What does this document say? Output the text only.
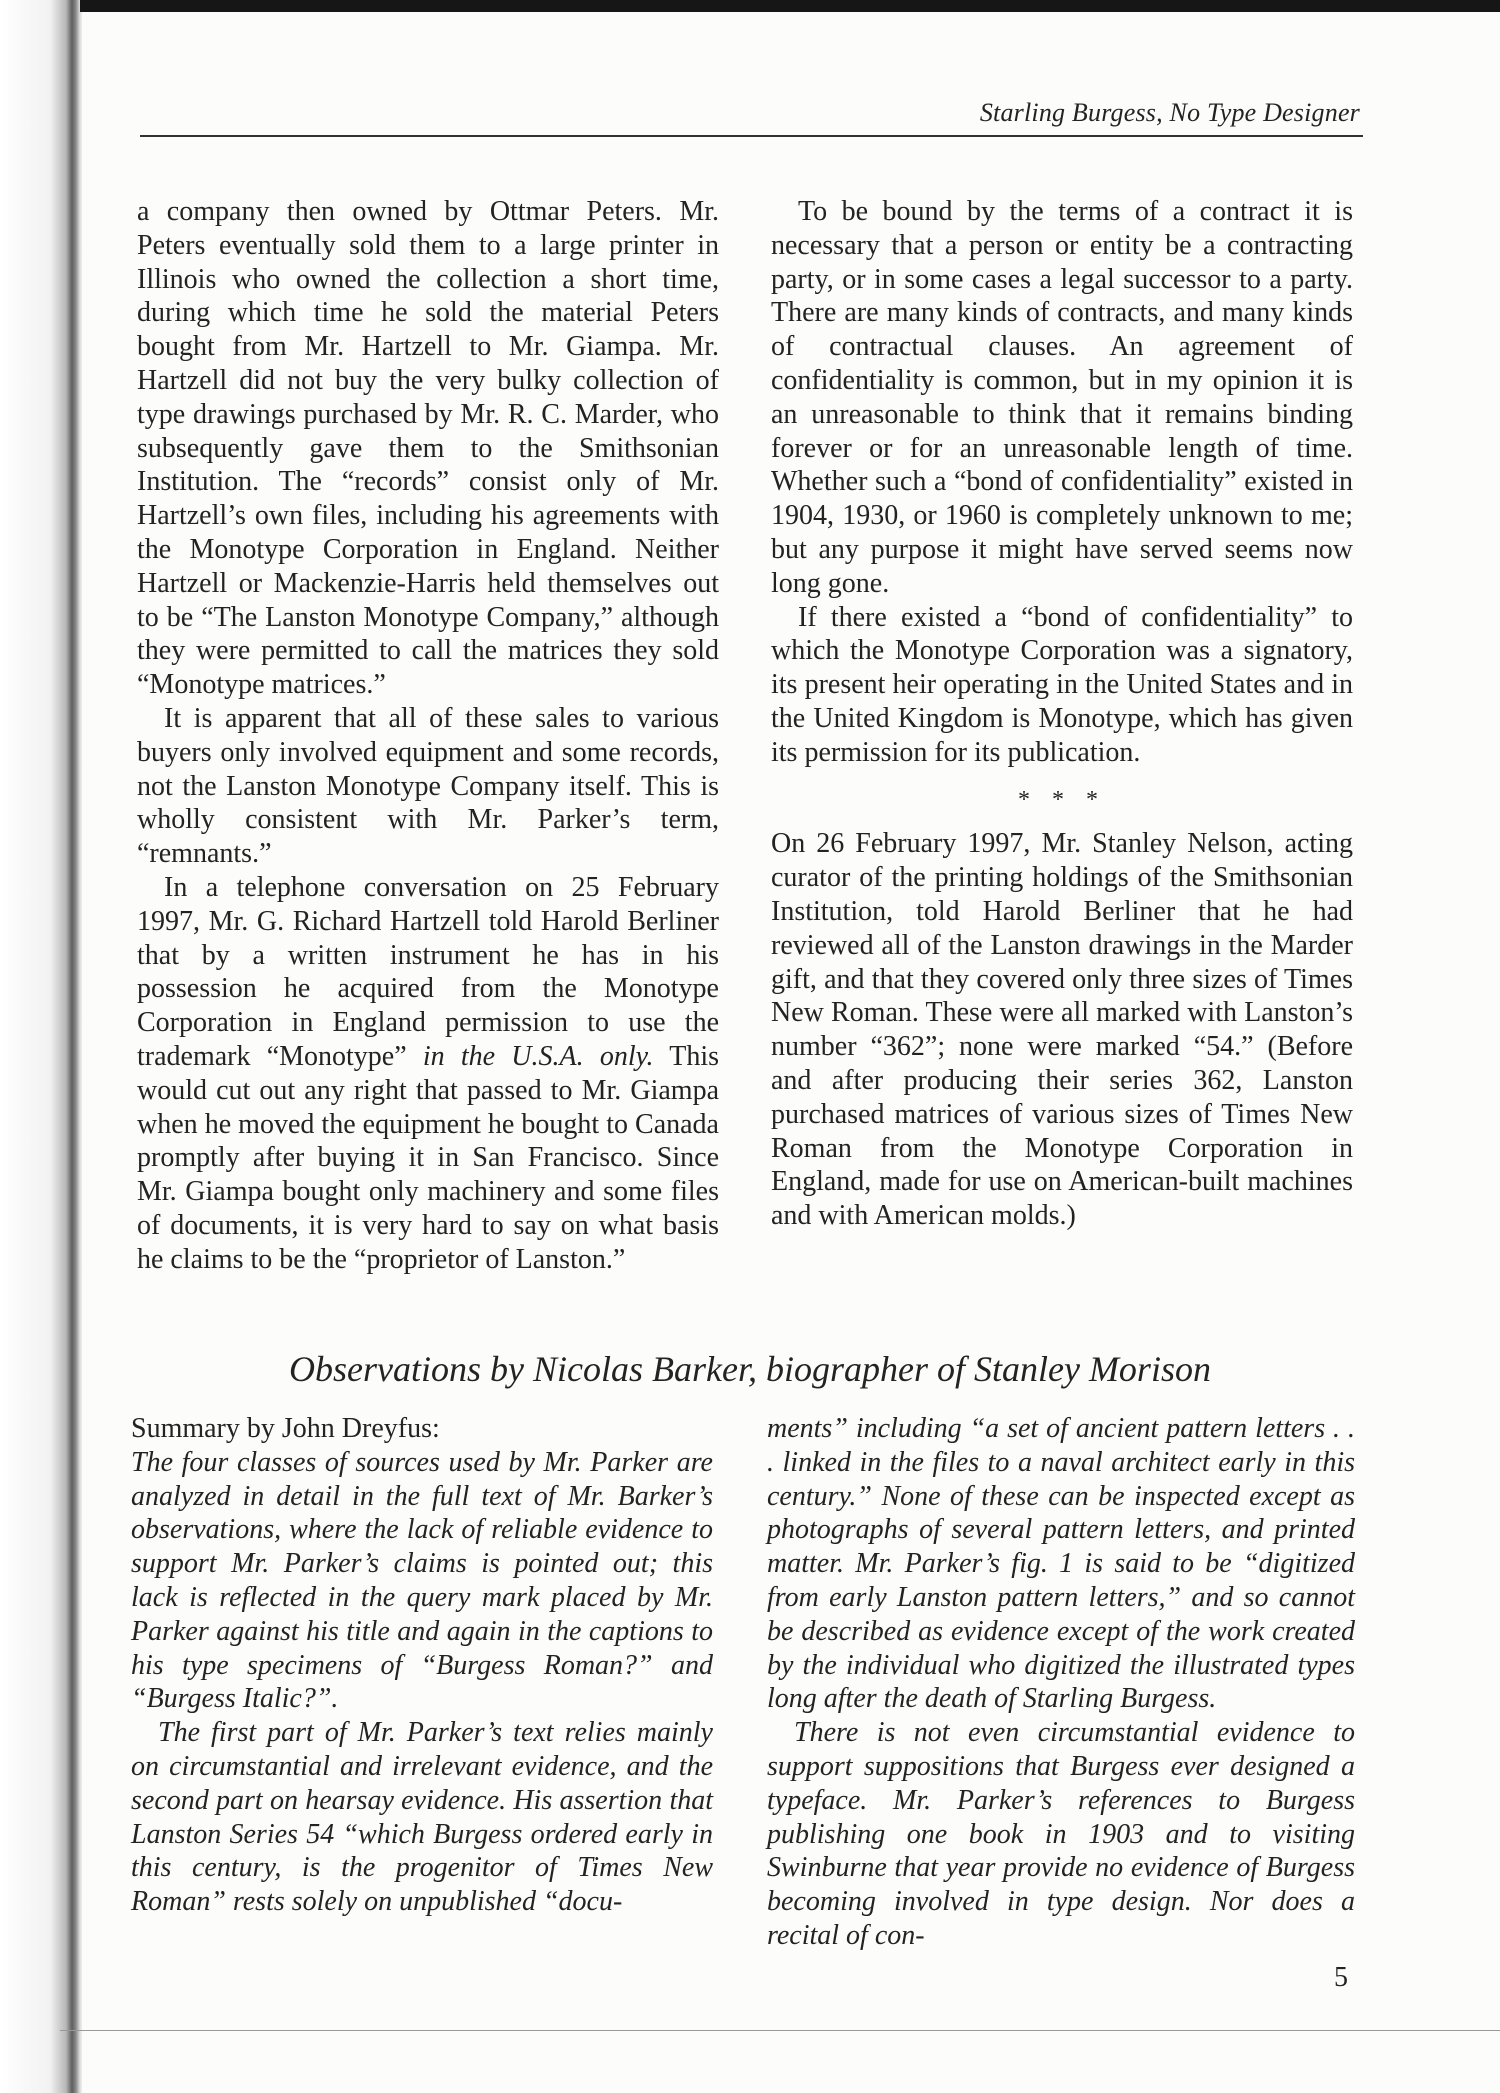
Starling Burgess, No Type Designer

a company then owned by Ottmar Peters. Mr. Peters eventually sold them to a large printer in Illinois who owned the collection a short time, during which time he sold the material Peters bought from Mr. Hartzell to Mr. Giampa. Mr. Hartzell did not buy the very bulky collection of type drawings purchased by Mr. R. C. Marder, who subsequently gave them to the Smithsonian Institution. The “records” consist only of Mr. Hartzell’s own files, including his agreements with the Monotype Corporation in England. Neither Hartzell or Mackenzie-Harris held themselves out to be “The Lanston Monotype Company,” although they were permitted to call the matrices they sold “Monotype matrices.”

It is apparent that all of these sales to various buyers only involved equipment and some records, not the Lanston Monotype Company itself. This is wholly consistent with Mr. Parker’s term, “remnants.”

In a telephone conversation on 25 February 1997, Mr. G. Richard Hartzell told Harold Berliner that by a written instrument he has in his possession he acquired from the Monotype Corporation in England permission to use the trademark “Monotype” in the U.S.A. only. This would cut out any right that passed to Mr. Giampa when he moved the equipment he bought to Canada promptly after buying it in San Francisco. Since Mr. Giampa bought only machinery and some files of documents, it is very hard to say on what basis he claims to be the “proprietor of Lanston.”

To be bound by the terms of a contract it is necessary that a person or entity be a contracting party, or in some cases a legal successor to a party. There are many kinds of contracts, and many kinds of contractual clauses. An agreement of confidentiality is common, but in my opinion it is an unreasonable to think that it remains binding forever or for an unreasonable length of time. Whether such a “bond of confidentiality” existed in 1904, 1930, or 1960 is completely unknown to me; but any purpose it might have served seems now long gone.

If there existed a “bond of confidentiality” to which the Monotype Corporation was a signatory, its present heir operating in the United States and in the United Kingdom is Monotype, which has given its permission for its publication.

* * *

On 26 February 1997, Mr. Stanley Nelson, acting curator of the printing holdings of the Smithsonian Institution, told Harold Berliner that he had reviewed all of the Lanston drawings in the Marder gift, and that they covered only three sizes of Times New Roman. These were all marked with Lanston’s number “362”; none were marked “54.” (Before and after producing their series 362, Lanston purchased matrices of various sizes of Times New Roman from the Monotype Corporation in England, made for use on American-built machines and with American molds.)

Observations by Nicolas Barker, biographer of Stanley Morison

Summary by John Dreyfus:

The four classes of sources used by Mr. Parker are analyzed in detail in the full text of Mr. Barker’s observations, where the lack of reliable evidence to support Mr. Parker’s claims is pointed out; this lack is reflected in the query mark placed by Mr. Parker against his title and again in the captions to his type specimens of “Burgess Roman?” and “Burgess Italic?”.

The first part of Mr. Parker’s text relies mainly on circumstantial and irrelevant evidence, and the second part on hearsay evidence. His assertion that Lanston Series 54 “which Burgess ordered early in this century, is the progenitor of Times New Roman” rests solely on unpublished “docu-

ments” including “a set of ancient pattern letters . . . linked in the files to a naval architect early in this century.” None of these can be inspected except as photographs of several pattern letters, and printed matter. Mr. Parker’s fig. 1 is said to be “digitized from early Lanston pattern letters,” and so cannot be described as evidence except of the work created by the individual who digitized the illustrated types long after the death of Starling Burgess.

There is not even circumstantial evidence to support suppositions that Burgess ever designed a typeface. Mr. Parker’s references to Burgess publishing one book in 1903 and to visiting Swinburne that year provide no evidence of Burgess becoming involved in type design. Nor does a recital of con-

5
